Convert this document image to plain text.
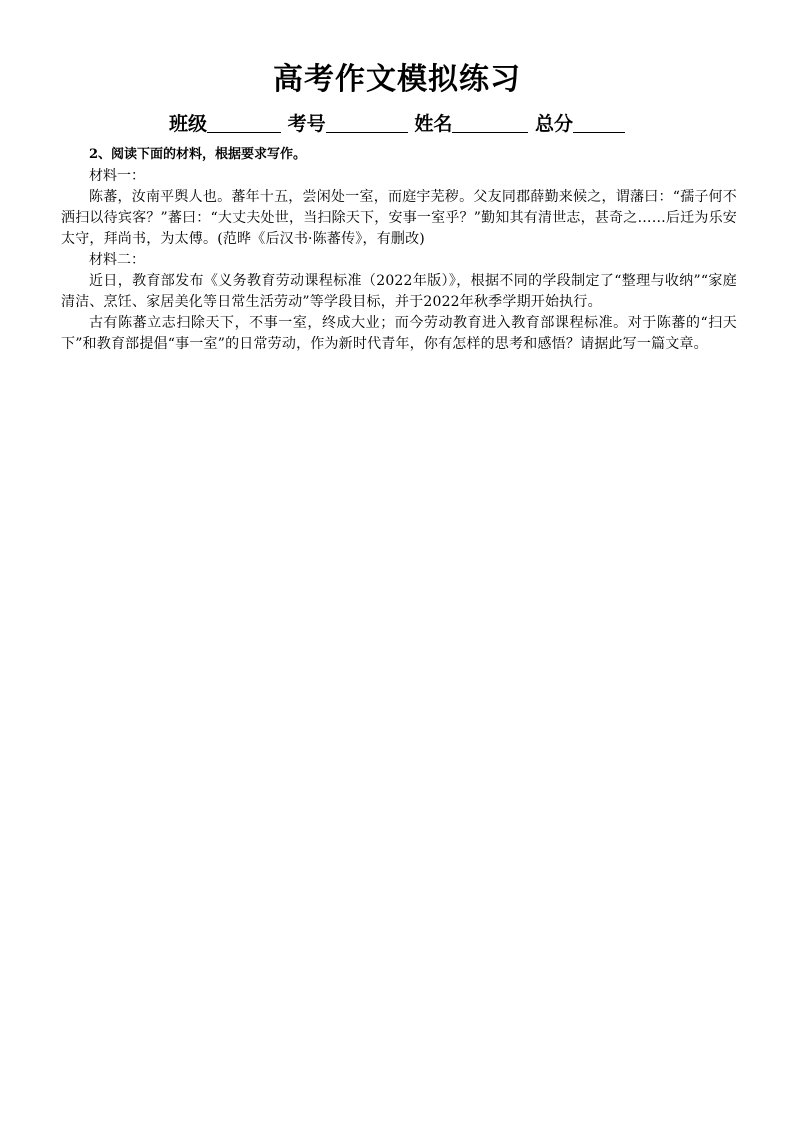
高考作文模拟练习
班级	考号	姓名	总分

2、阅读下面的材料，根据要求写作。

材料一：

陈蕃，汝南平舆人也。蕃年十五，尝闲处一室，而庭宇芜秽。父友同郡薛勤来候之，谓藩曰：“孺子何不洒扫以待宾客？”蕃曰：“大丈夫处世，当扫除天下，安事一室乎？”勤知其有清世志，甚奇之……后迁为乐安太守，拜尚书，为太傅。(范晔《后汉书·陈蕃传》，有删改)

材料二：

近日，教育部发布《义务教育劳动课程标准（2022年版）》，根据不同的学段制定了“整理与收纳”“家庭清洁、烹饪、家居美化等日常生活劳动”等学段目标，并于2022年秋季学期开始执行。

古有陈蕃立志扫除天下，不事一室，终成大业；而今劳动教育进入教育部课程标准。对于陈蕃的“扫天下”和教育部提倡“事一室”的日常劳动，作为新时代青年，你有怎样的思考和感悟？请据此写一篇文章。
